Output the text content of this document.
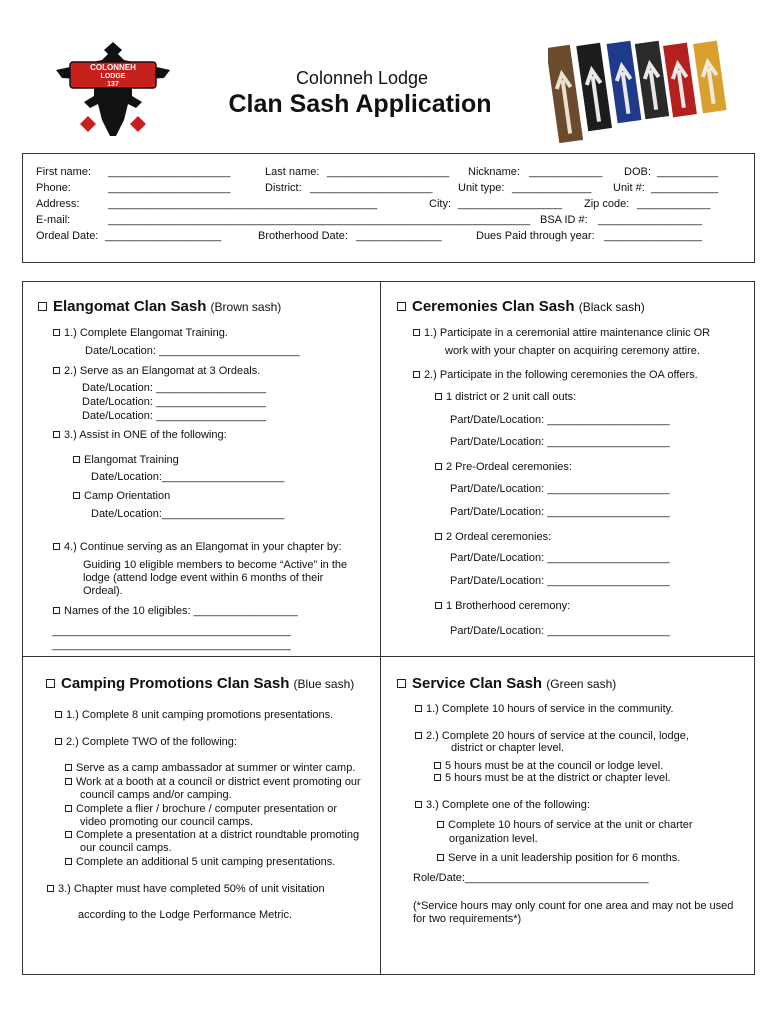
COLONNEH
LODGE
137	Colonneh Lodge
Clan Sash Application
First name: ____________________	Last name: ____________________ Nickname: ____________ DOB: __________
Phone:	____________________	District: ____________________ Unit type: _____________ Unit #: ___________
Address:	____________________________________________	City: _________________ Zip code: ____________
E-mail:	_____________________________________________________________________ BSA ID #: _________________
Ordeal Date: ___________________	Brotherhood Date: ______________	Dues Paid through year: ________________
Elangomat Clan Sash (Brown sash)
1.) Complete Elangomat Training.
Date/Location: _______________________
2.) Serve as an Elangomat at 3 Ordeals.
Date/Location: __________________
Date/Location: __________________
Date/Location: __________________
3.) Assist in ONE of the following:
Elangomat Training
Date/Location:____________________
Camp Orientation
Date/Location:____________________
4.) Continue serving as an Elangomat in your chapter by:
Guiding 10 eligible members to become “Active” in the
lodge (attend lodge event within 6 months of their
Ordeal).
Names of the 10 eligibles: _________________
_______________________________________
_______________________________________
Ceremonies Clan Sash (Black sash)
1.) Participate in a ceremonial attire maintenance clinic OR
work with your chapter on acquiring ceremony attire.
2.) Participate in the following ceremonies the OA offers.
1 district or 2 unit call outs:
Part/Date/Location: ____________________
Part/Date/Location: ____________________
2 Pre-Ordeal ceremonies:
Part/Date/Location: ____________________
Part/Date/Location: ____________________
2 Ordeal ceremonies:
Part/Date/Location: ____________________
Part/Date/Location: ____________________
1 Brotherhood ceremony:
Part/Date/Location: ____________________
Camping Promotions Clan Sash (Blue sash)
1.) Complete 8 unit camping promotions presentations.
2.) Complete TWO of the following:
Serve as a camp ambassador at summer or winter camp.
Work at a booth at a council or district event promoting our
council camps and/or camping.
Complete a flier / brochure / computer presentation or
video promoting our council camps.
Complete a presentation at a district roundtable promoting
our council camps.
Complete an additional 5 unit camping presentations.
3.) Chapter must have completed 50% of unit visitation
according to the Lodge Performance Metric.
Service Clan Sash (Green sash)
1.) Complete 10 hours of service in the community.
2.) Complete 20 hours of service at the council, lodge,
district or chapter level.
5 hours must be at the council or lodge level.
5 hours must be at the district or chapter level.
3.) Complete one of the following:
Complete 10 hours of service at the unit or charter
organization level.
Serve in a unit leadership position for 6 months.
Role/Date:______________________________
(*Service hours may only count for one area and may not be used
for two requirements*)
